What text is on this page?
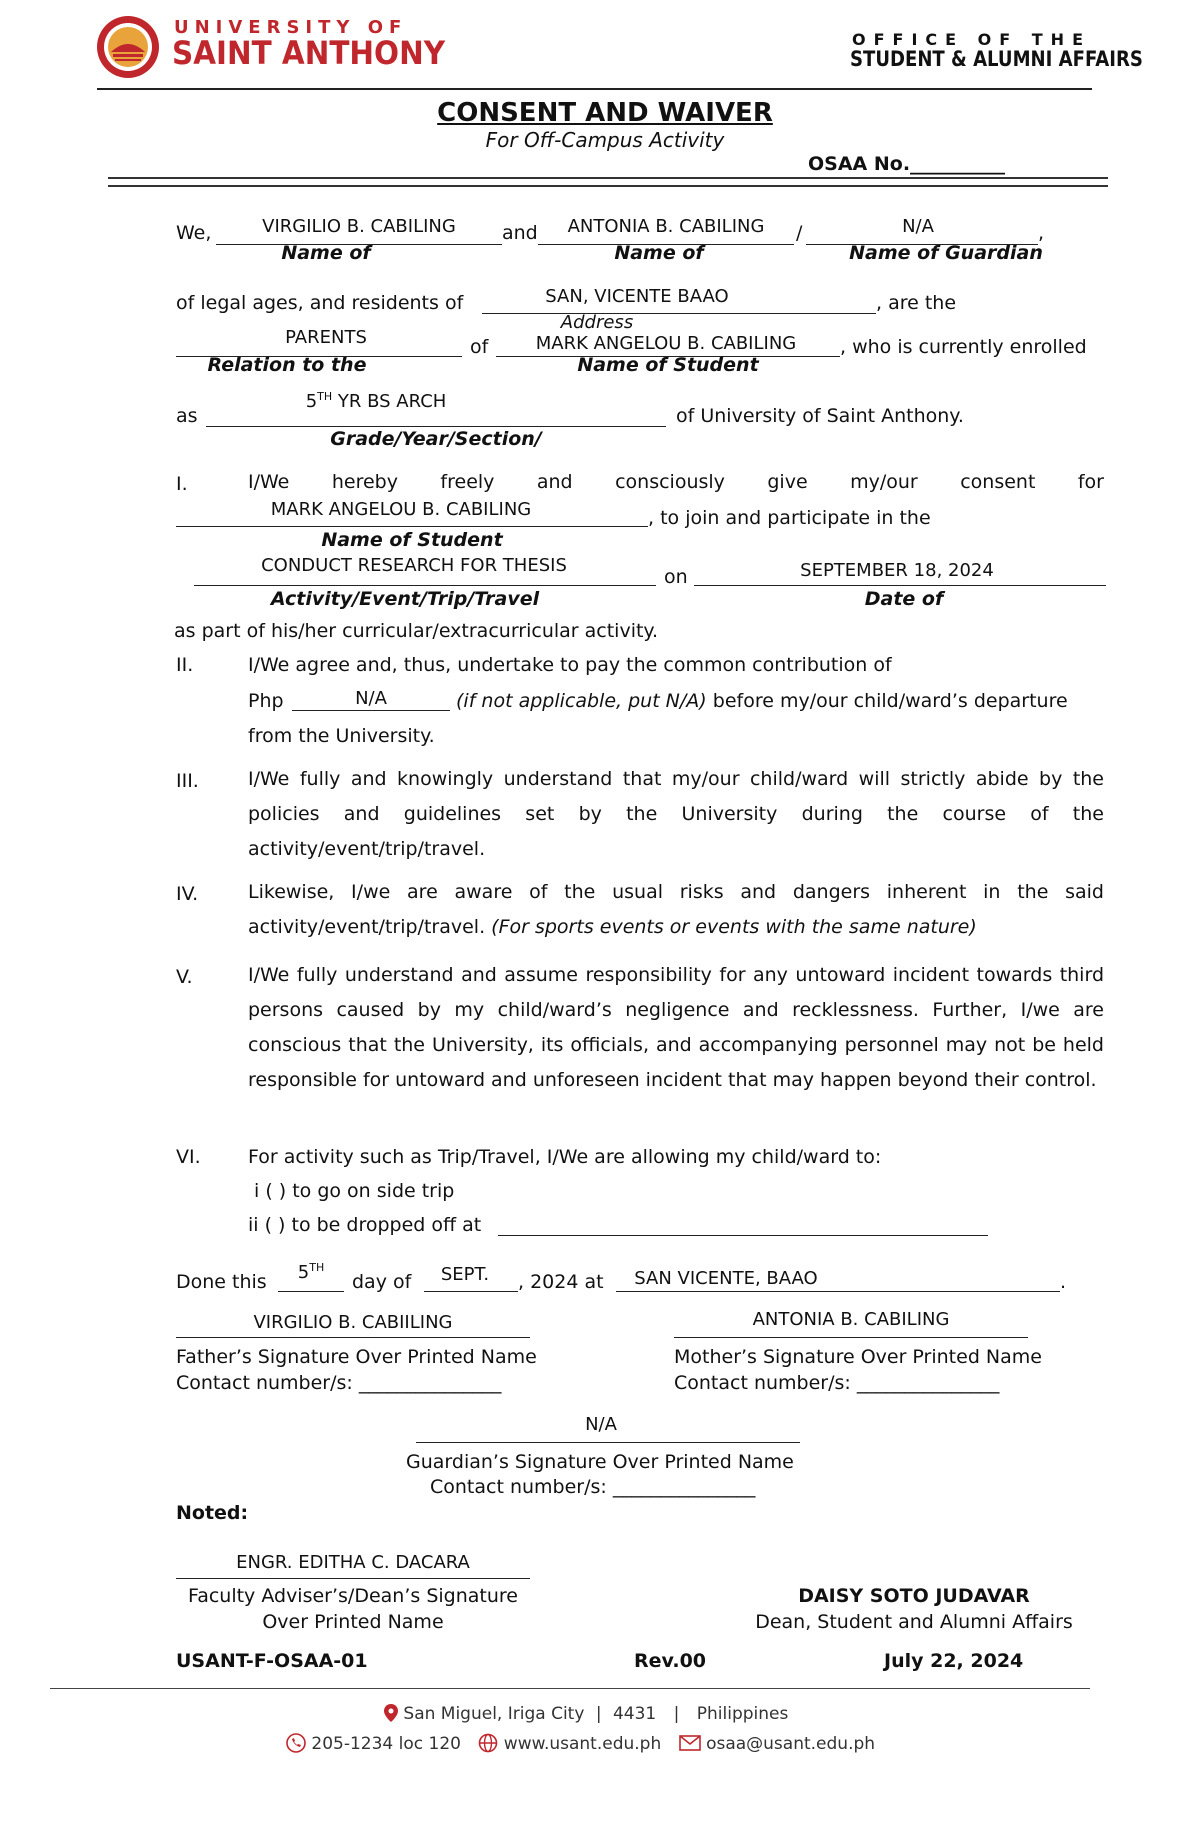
UNIVERSITY OF
SAINT ANTHONY	OFFICE OF THE
STUDENT & ALUMNI AFFAIRS
CONSENT AND WAIVER
For Off-Campus Activity
OSAA No.__________
We,	VIRGILIO B. CABILING
Name of
and	ANTONIA B. CABILING
Name of
/	N/A
Name of Guardian
,
of legal ages, and residents of	SAN, VICENTE BAAO
Address
, are the
PARENTS	of	MARK ANGELOU B. CABILING	, who is currently enrolled
Relation to the	Name of Student
as
5TH YR BS ARCH
of University of Saint Anthony.
Grade/Year/Section/
I.	I/We hereby freely and consciously give my/our consent for
MARK ANGELOU B. CABILING	, to join and participate in the
Name of Student
CONDUCT RESEARCH FOR THESIS
on	SEPTEMBER 18, 2024
Activity/Event/Trip/Travel	Date of
as part of his/her curricular/extracurricular activity.
II.	I/We agree and, thus, undertake to pay the common contribution of
Php	N/A	(if not applicable, put N/A) before my/our child/ward’s departure
from the University.
III.	I/We fully and knowingly understand that my/our child/ward will strictly abide by the policies and guidelines set by the University during the course of the activity/event/trip/travel.
IV.	Likewise, I/we are aware of the usual risks and dangers inherent in the said activity/event/trip/travel. (For sports events or events with the same nature)
V.	I/We fully understand and assume responsibility for any untoward incident towards third persons caused by my child/ward’s negligence and recklessness. Further, I/we are conscious that the University, its officials, and accompanying personnel may not be held responsible for untoward and unforeseen incident that may happen beyond their control.
VI. For activity such as Trip/Travel, I/We are allowing my child/ward to:
i ( ) to go on side trip
ii ( ) to be dropped off at
Done this	5TH
day of	SEPT.	, 2024 at	SAN VICENTE, BAAO	.
VIRGILIO B. CABIILING
Father’s Signature Over Printed Name
Contact number/s: _______________
ANTONIA B. CABILING
Mother’s Signature Over Printed Name
Contact number/s: _______________
N/A
Guardian’s Signature Over Printed Name
Contact number/s: _______________
Noted:
ENGR. EDITHA C. DACARA
Faculty Adviser’s/Dean’s Signature
Over Printed Name
DAISY SOTO JUDAVAR
Dean, Student and Alumni Affairs
USANT-F-OSAA-01	Rev.00	July 22, 2024
San Miguel, Iriga City | 4431 | Philippines
205-1234 loc 120	www.usant.edu.ph	osaa@usant.edu.ph
